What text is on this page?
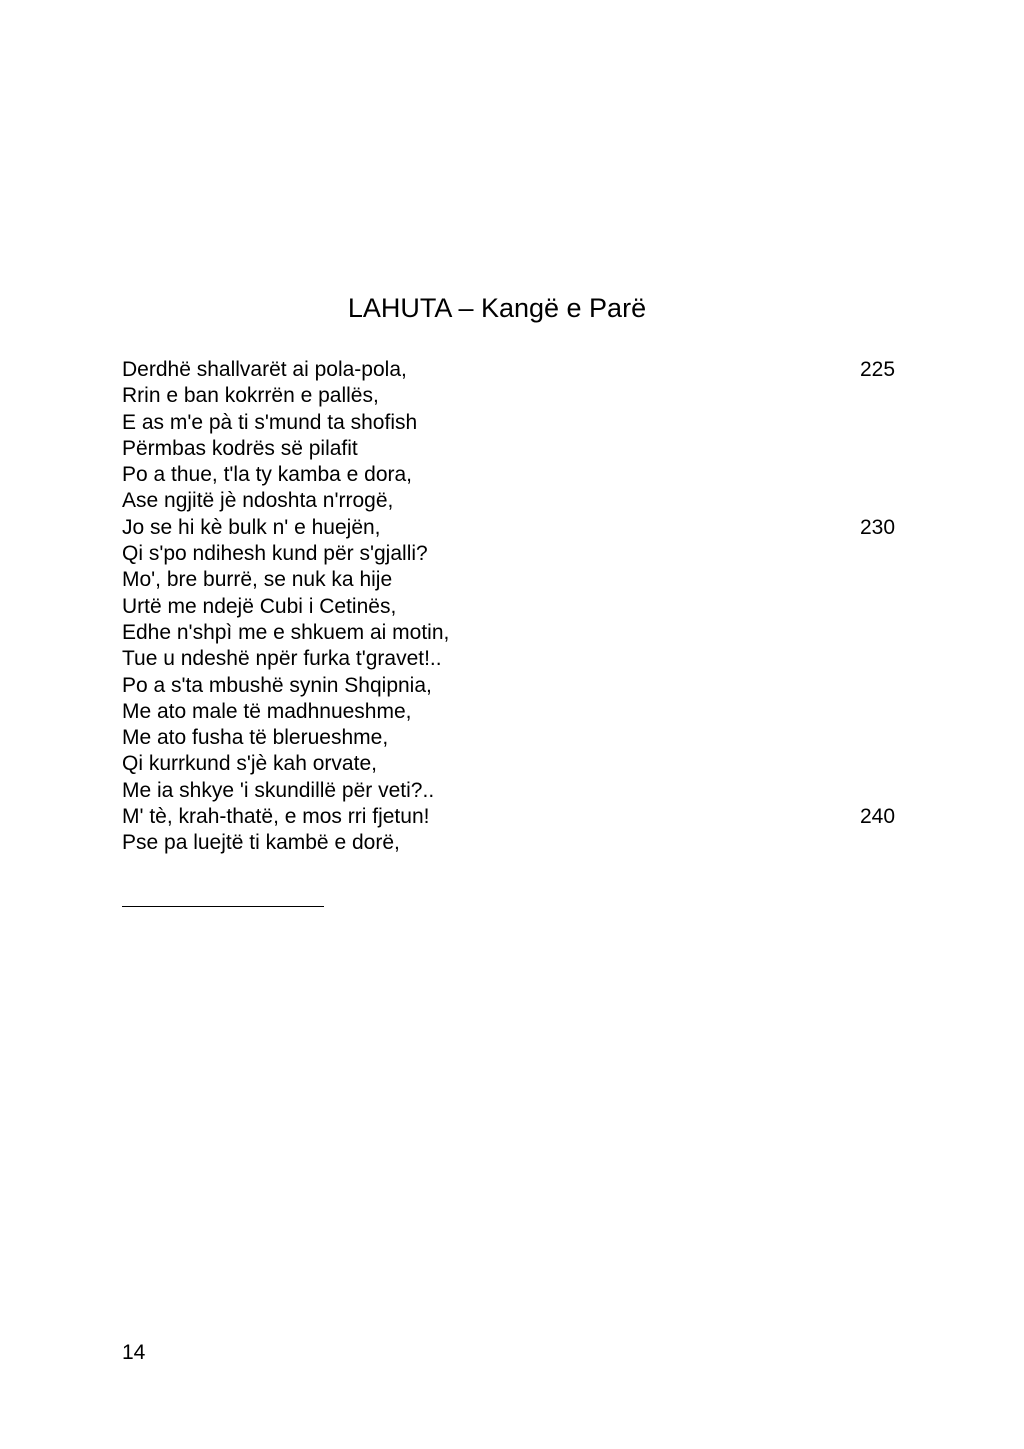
LAHUTA – Kangë e Parë
Derdhë shallvarët ai pola-pola,	225
Rrin e ban kokrrën e pallës,
E as m'e pà ti s'mund ta shofish
Përmbas kodrës së pilafit
Po a thue, t'la ty kamba e dora,
Ase ngjitë jè ndoshta n'rrogë,
Jo se hi kè bulk n' e huejën,	230
Qi s'po ndihesh kund për s'gjalli?
Mo', bre burrë, se nuk ka hije
Urtë me ndejë Cubi i Cetinës,
Edhe n'shpì me e shkuem ai motin,
Tue u ndeshë npër furka t'gravet!..
Po a s'ta mbushë synin Shqipnia,
Me ato male të madhnueshme,
Me ato fusha të blerueshme,
Qi kurrkund s'jè kah orvate,
Me ia shkye 'i skundillë për veti?..
M' tè, krah-thatë, e mos rri fjetun!	240
Pse pa luejtë ti kambë e dorë,
14
